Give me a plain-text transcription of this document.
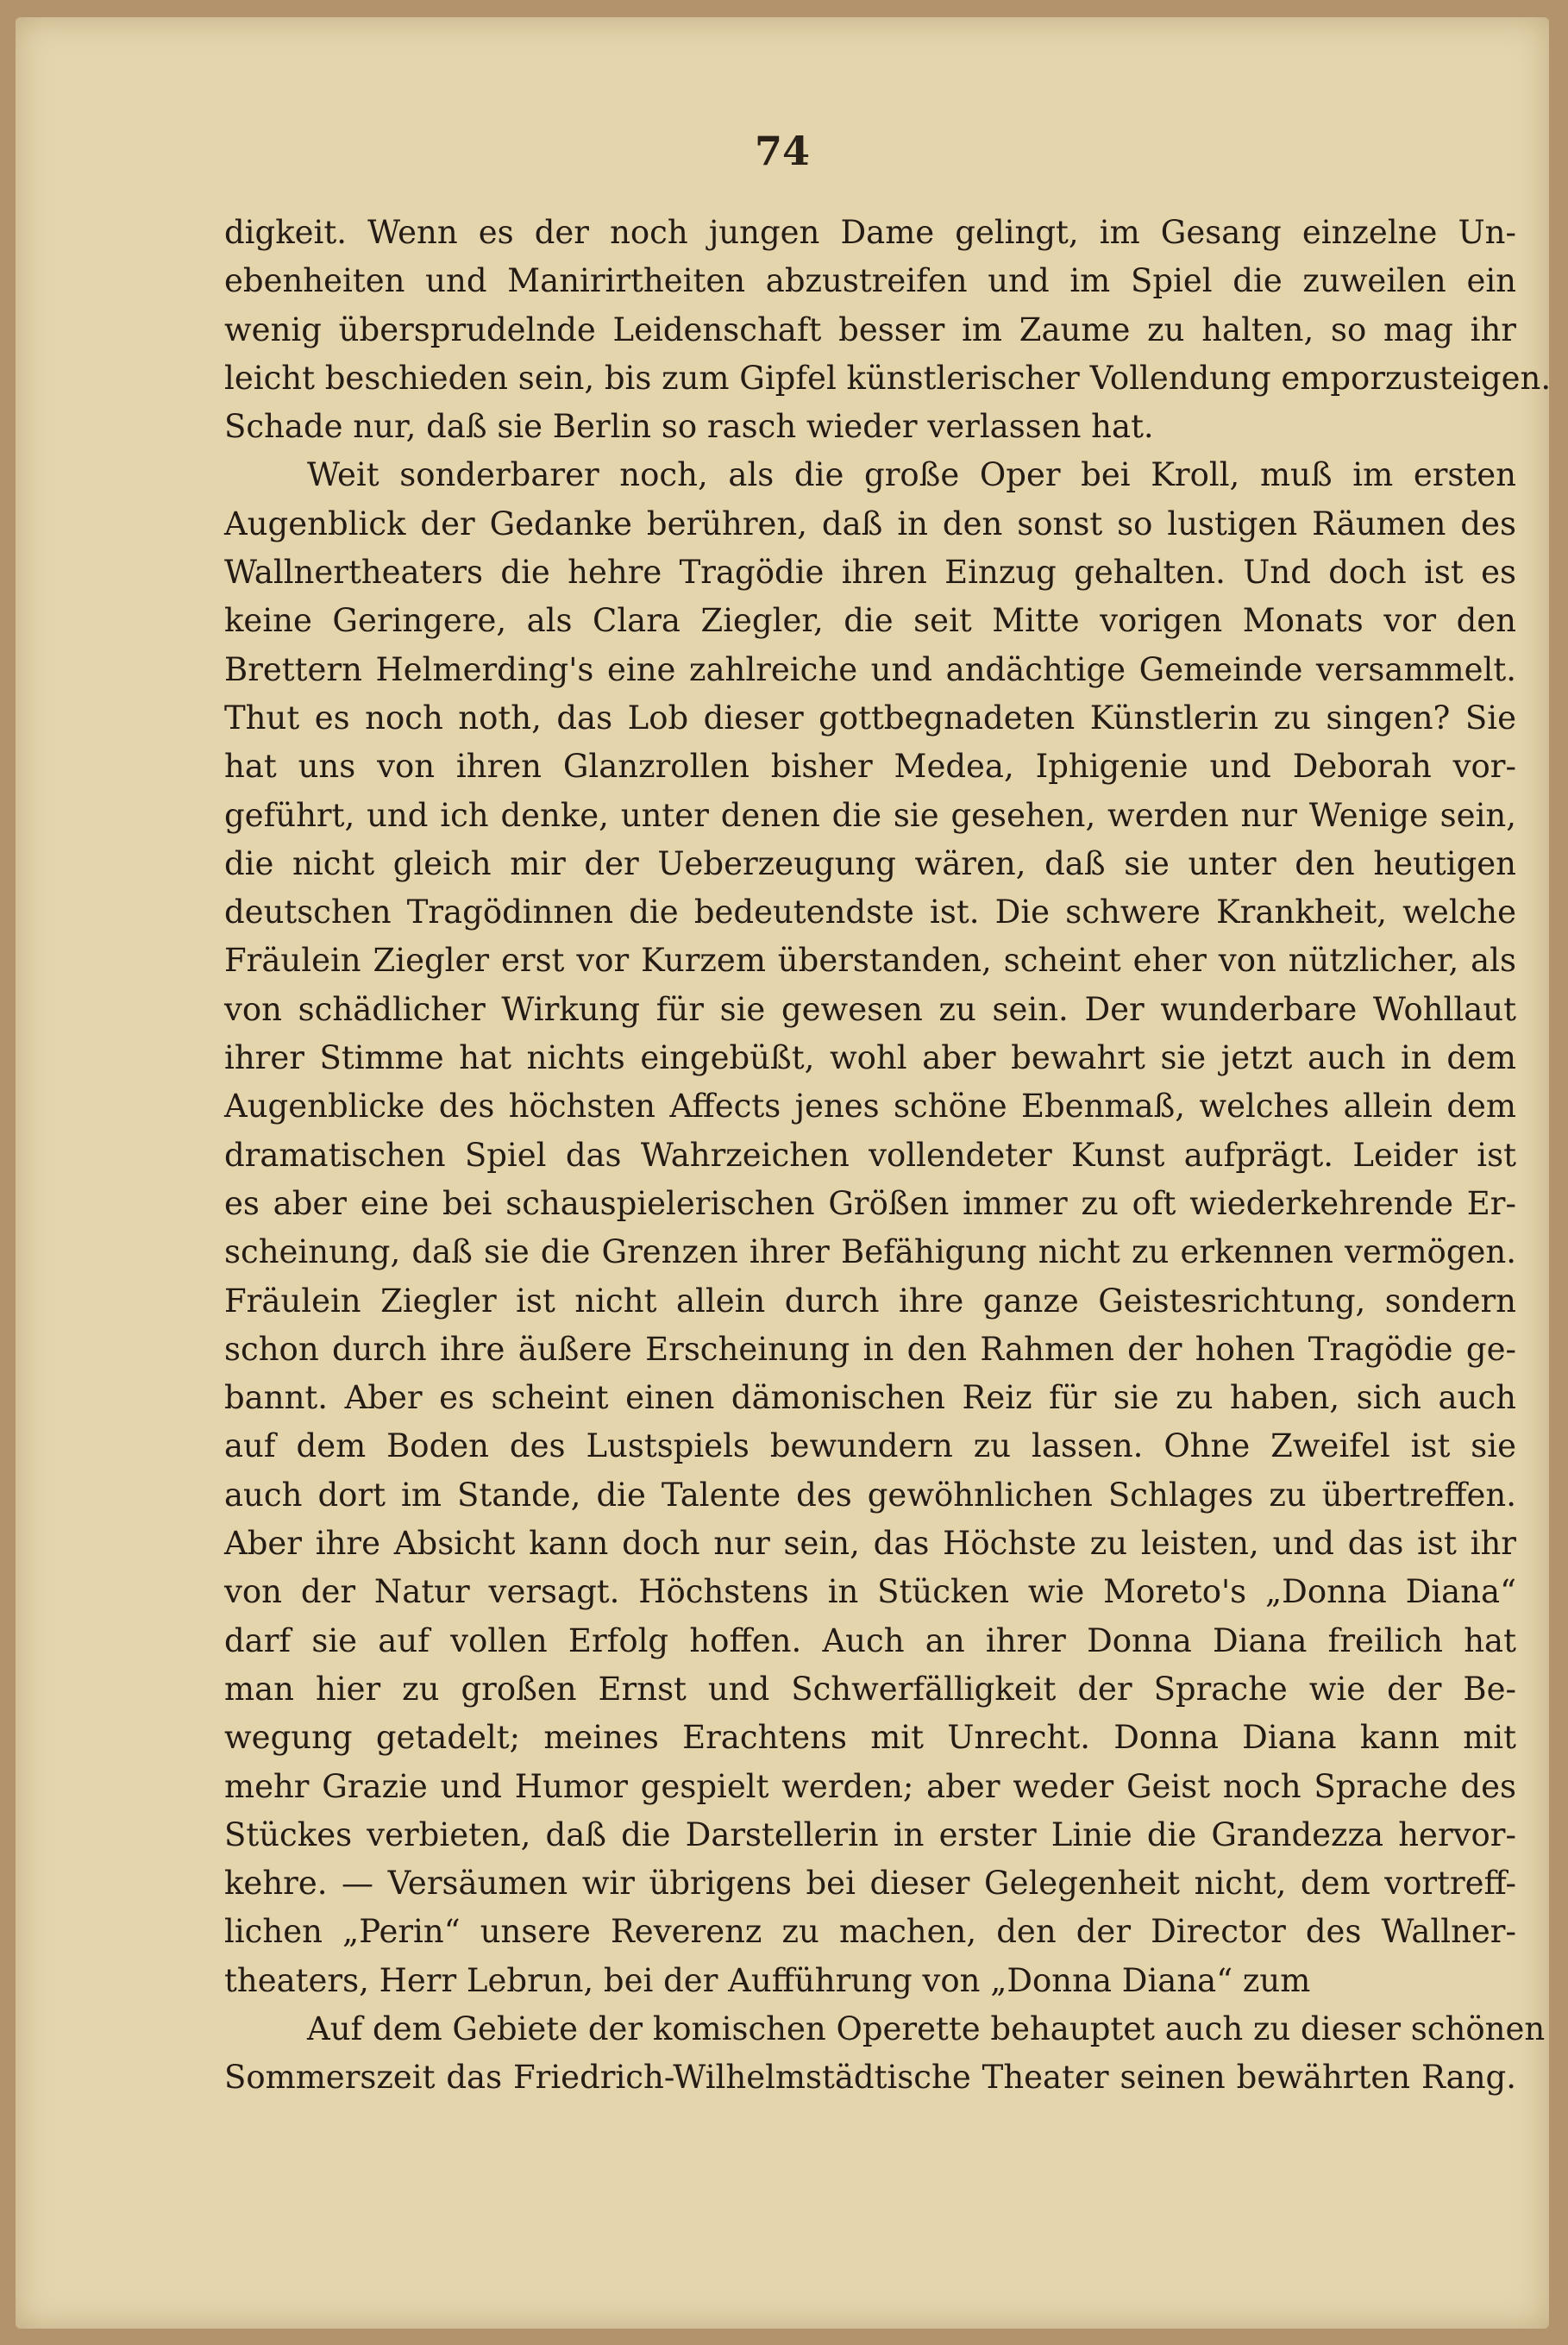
74
digkeit. Wenn es der noch jungen Dame gelingt, im Gesang einzelne Un-
ebenheiten und Manirirtheiten abzustreifen und im Spiel die zuweilen ein
wenig übersprudelnde Leidenschaft besser im Zaume zu halten, so mag ihr
leicht beschieden sein, bis zum Gipfel künstlerischer Vollendung emporzusteigen.
Schade nur, daß sie Berlin so rasch wieder verlassen hat.
Weit sonderbarer noch, als die große Oper bei Kroll, muß im ersten
Augenblick der Gedanke berühren, daß in den sonst so lustigen Räumen des
Wallnertheaters die hehre Tragödie ihren Einzug gehalten. Und doch ist es
keine Geringere, als Clara Ziegler, die seit Mitte vorigen Monats vor den
Brettern Helmerding's eine zahlreiche und andächtige Gemeinde versammelt.
Thut es noch noth, das Lob dieser gottbegnadeten Künstlerin zu singen? Sie
hat uns von ihren Glanzrollen bisher Medea, Iphigenie und Deborah vor-
geführt, und ich denke, unter denen die sie gesehen, werden nur Wenige sein,
die nicht gleich mir der Ueberzeugung wären, daß sie unter den heutigen
deutschen Tragödinnen die bedeutendste ist. Die schwere Krankheit, welche
Fräulein Ziegler erst vor Kurzem überstanden, scheint eher von nützlicher, als
von schädlicher Wirkung für sie gewesen zu sein. Der wunderbare Wohllaut
ihrer Stimme hat nichts eingebüßt, wohl aber bewahrt sie jetzt auch in dem
Augenblicke des höchsten Affects jenes schöne Ebenmaß, welches allein dem
dramatischen Spiel das Wahrzeichen vollendeter Kunst aufprägt. Leider ist
es aber eine bei schauspielerischen Größen immer zu oft wiederkehrende Er-
scheinung, daß sie die Grenzen ihrer Befähigung nicht zu erkennen vermögen.
Fräulein Ziegler ist nicht allein durch ihre ganze Geistesrichtung, sondern
schon durch ihre äußere Erscheinung in den Rahmen der hohen Tragödie ge-
bannt. Aber es scheint einen dämonischen Reiz für sie zu haben, sich auch
auf dem Boden des Lustspiels bewundern zu lassen. Ohne Zweifel ist sie
auch dort im Stande, die Talente des gewöhnlichen Schlages zu übertreffen.
Aber ihre Absicht kann doch nur sein, das Höchste zu leisten, und das ist ihr
von der Natur versagt. Höchstens in Stücken wie Moreto's „Donna Diana“
darf sie auf vollen Erfolg hoffen. Auch an ihrer Donna Diana freilich hat
man hier zu großen Ernst und Schwerfälligkeit der Sprache wie der Be-
wegung getadelt; meines Erachtens mit Unrecht. Donna Diana kann mit
mehr Grazie und Humor gespielt werden; aber weder Geist noch Sprache des
Stückes verbieten, daß die Darstellerin in erster Linie die Grandezza hervor-
kehre. — Versäumen wir übrigens bei dieser Gelegenheit nicht, dem vortreff-
lichen „Perin“ unsere Reverenz zu machen, den der Director des Wallner-
theaters, Herr Lebrun, bei der Aufführung von „Donna Diana“ zum
Auf dem Gebiete der komischen Operette behauptet auch zu dieser schönen
Sommerszeit das Friedrich-Wilhelmstädtische Theater seinen bewährten Rang.
